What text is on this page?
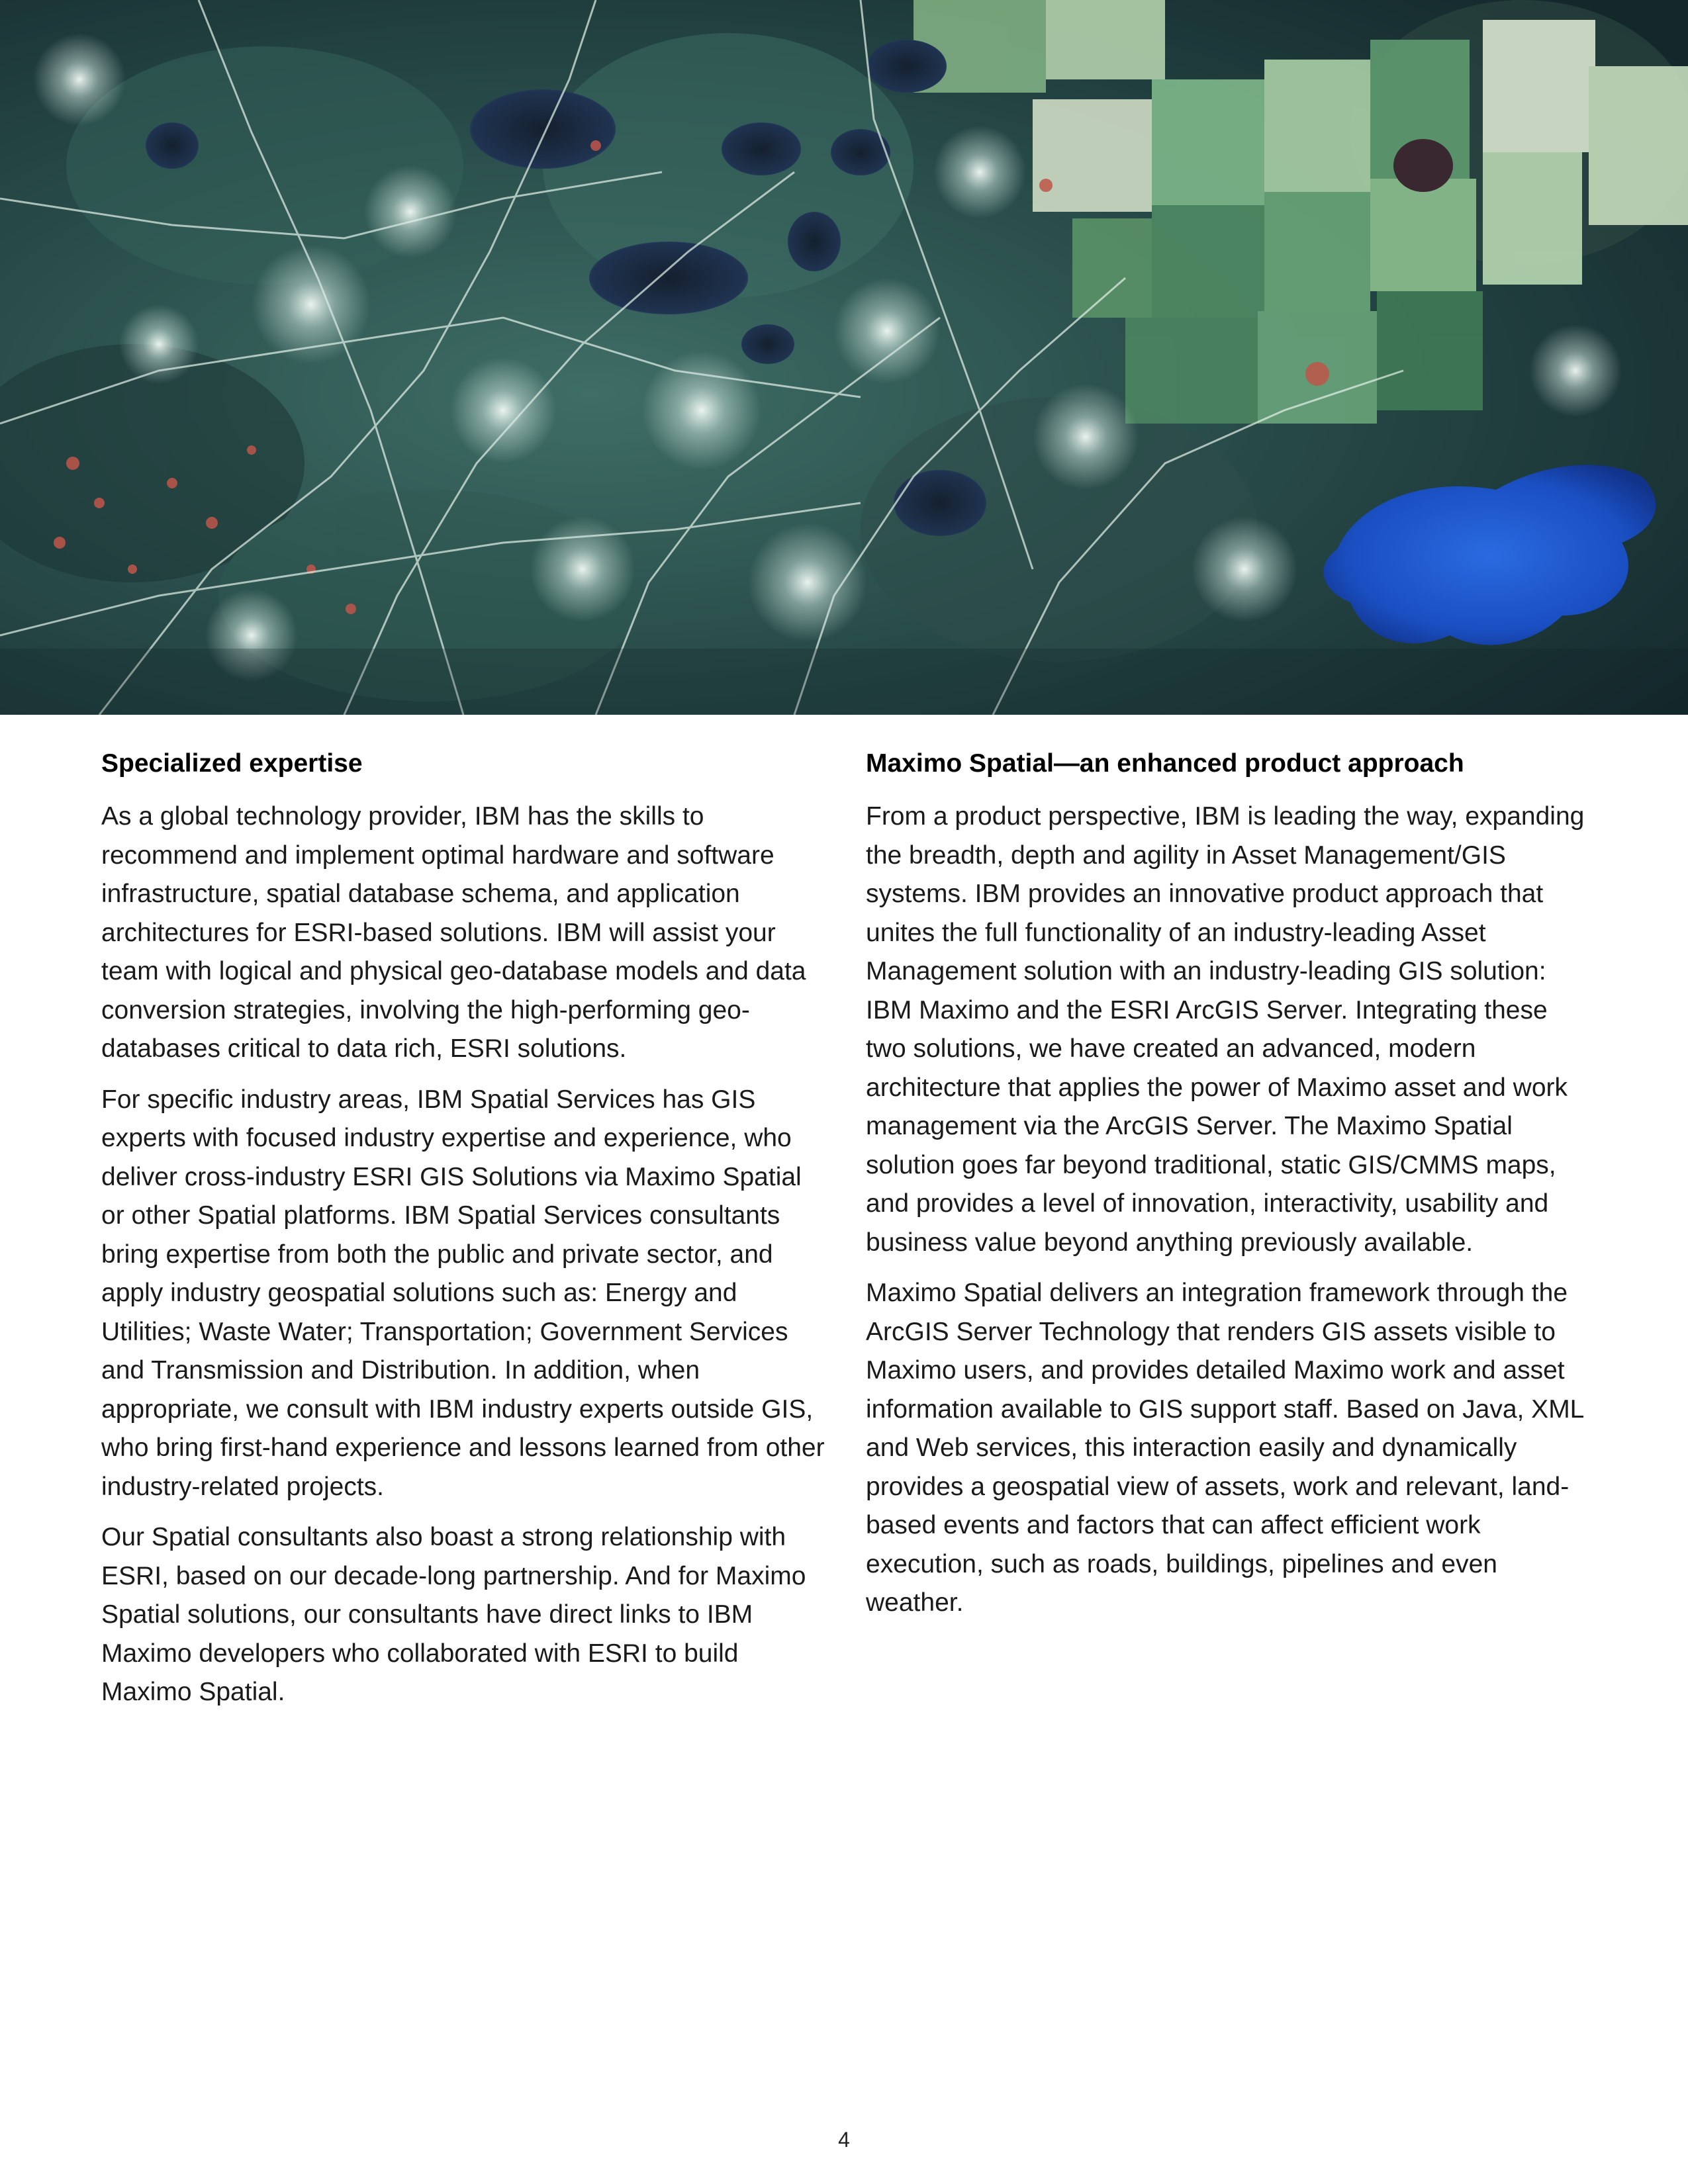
Specialized expertise

As a global technology provider, IBM has the skills to recommend and implement optimal hardware and software infrastructure, spatial database schema, and application architectures for ESRI-based solutions. IBM will assist your team with logical and physical geo-database models and data conversion strategies, involving the high-performing geo-databases critical to data rich, ESRI solutions.

For specific industry areas, IBM Spatial Services has GIS experts with focused industry expertise and experience, who deliver cross-industry ESRI GIS Solutions via Maximo Spatial or other Spatial platforms. IBM Spatial Services consultants bring expertise from both the public and private sector, and apply industry geospatial solutions such as: Energy and Utilities; Waste Water; Transportation; Government Services and Transmission and Distribution. In addition, when appropriate, we consult with IBM industry experts outside GIS, who bring first-hand experience and lessons learned from other industry-related projects.

Our Spatial consultants also boast a strong relationship with ESRI, based on our decade-long partnership. And for Maximo Spatial solutions, our consultants have direct links to IBM Maximo developers who collaborated with ESRI to build Maximo Spatial.

Maximo Spatial—an enhanced product approach

From a product perspective, IBM is leading the way, expanding the breadth, depth and agility in Asset Management/GIS systems. IBM provides an innovative product approach that unites the full functionality of an industry-leading Asset Management solution with an industry-leading GIS solution: IBM Maximo and the ESRI ArcGIS Server. Integrating these two solutions, we have created an advanced, modern architecture that applies the power of Maximo asset and work management via the ArcGIS Server. The Maximo Spatial solution goes far beyond traditional, static GIS/CMMS maps, and provides a level of innovation, interactivity, usability and business value beyond anything previously available.

Maximo Spatial delivers an integration framework through the ArcGIS Server Technology that renders GIS assets visible to Maximo users, and provides detailed Maximo work and asset information available to GIS support staff. Based on Java, XML and Web services, this interaction easily and dynamically provides a geospatial view of assets, work and relevant, land-based events and factors that can affect efficient work execution, such as roads, buildings, pipelines and even weather.

4
